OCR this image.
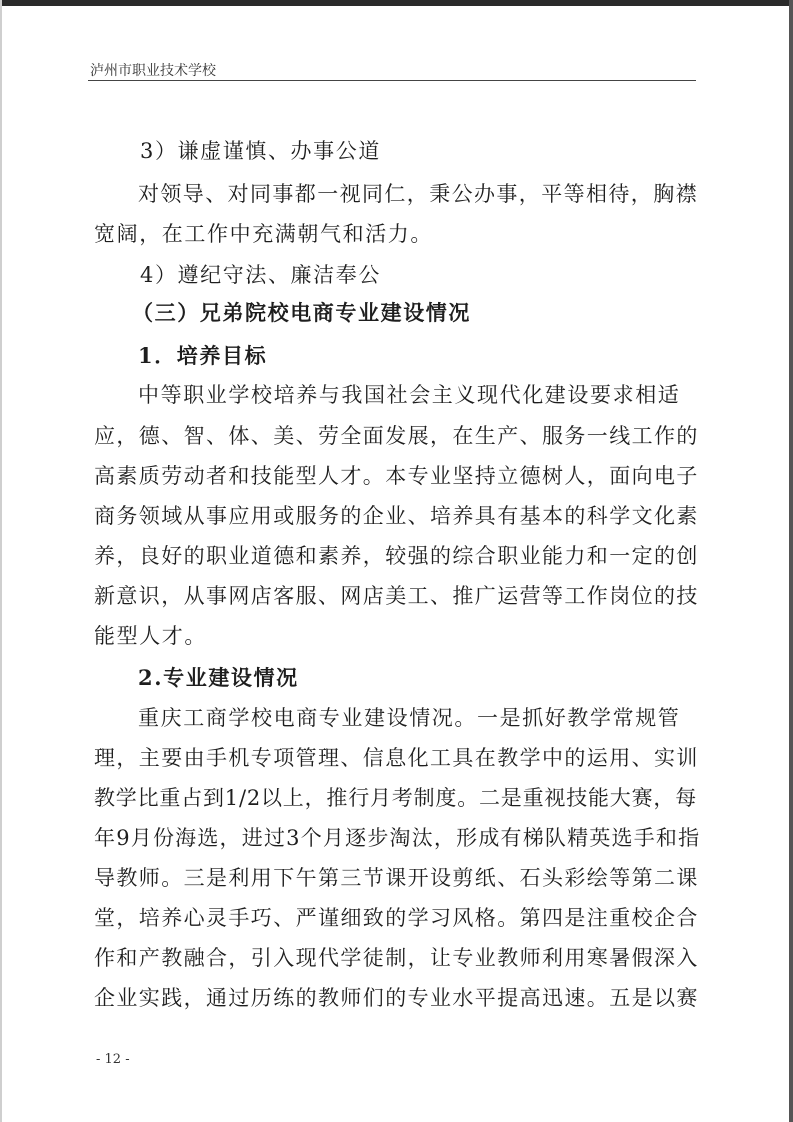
泸州市职业技术学校
3）谦虚谨慎、办事公道
对领导、对同事都一视同仁，秉公办事，平等相待，胸襟
宽阔，在工作中充满朝气和活力。
4）遵纪守法、廉洁奉公
（三）兄弟院校电商专业建设情况
1．培养目标
中等职业学校培养与我国社会主义现代化建设要求相适
应，德、智、体、美、劳全面发展，在生产、服务一线工作的
高素质劳动者和技能型人才。本专业坚持立德树人，面向电子
商务领域从事应用或服务的企业、培养具有基本的科学文化素
养，良好的职业道德和素养，较强的综合职业能力和一定的创
新意识，从事网店客服、网店美工、推广运营等工作岗位的技
能型人才。
2.专业建设情况
重庆工商学校电商专业建设情况。一是抓好教学常规管
理，主要由手机专项管理、信息化工具在教学中的运用、实训
教学比重占到1/2以上，推行月考制度。二是重视技能大赛，每
年9月份海选，进过3个月逐步淘汰，形成有梯队精英选手和指
导教师。三是利用下午第三节课开设剪纸、石头彩绘等第二课
堂，培养心灵手巧、严谨细致的学习风格。第四是注重校企合
作和产教融合，引入现代学徒制，让专业教师利用寒暑假深入
企业实践，通过历练的教师们的专业水平提高迅速。五是以赛
- 12 -
